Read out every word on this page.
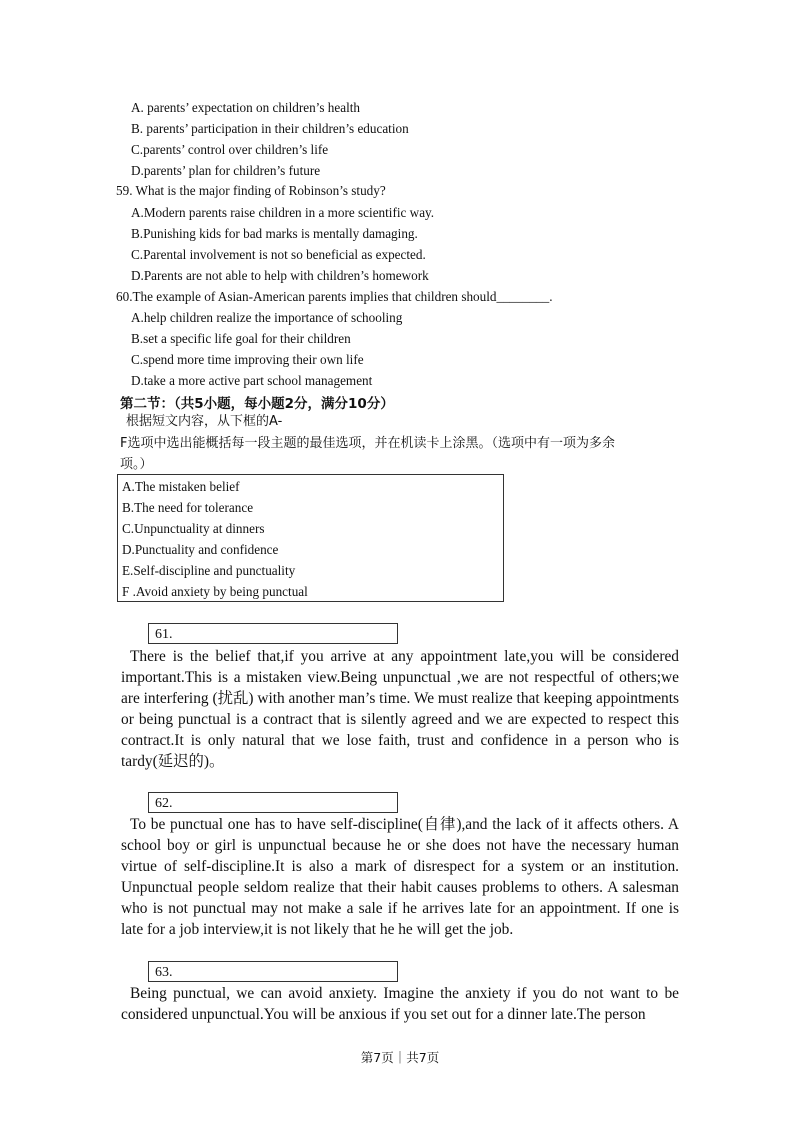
A. parents’ expectation on children’s health
B. parents’ participation in their children’s education
C.parents’ control over children’s life
D.parents’ plan for children’s future
59. What is the major finding of Robinson’s study?
A.Modern parents raise children in a more scientific way.
B.Punishing kids for bad marks is mentally damaging.
C.Parental involvement is not so beneficial as expected.
D.Parents are not able to help with children’s homework
60.The example of Asian-American parents implies that children should________.
A.help children realize the importance of schooling
B.set a specific life goal for their children
C.spend more time improving their own life
D.take a more active part school management
第二节：（共5小题，每小题2分，满分10分）
根据短文内容，从下框的A-
F选项中选出能概括每一段主题的最佳选项，并在机读卡上涂黑。（选项中有一项为多余
项。）
A.The mistaken belief
B.The need for tolerance
C.Unpunctuality at dinners
D.Punctuality and confidence
E.Self-discipline and punctuality
F .Avoid anxiety by being punctual
61.
There is the belief that,if you arrive at any appointment late,you will be considered important.This is a mistaken view.Being unpunctual ,we are not respectful of others;we are interfering (扰乱) with another man’s time. We must realize that keeping appointments or being punctual is a contract that is silently agreed and we are expected to respect this contract.It is only natural that we lose faith, trust and confidence in a person who is tardy(延迟的)。
62.
To be punctual one has to have self-discipline(自律),and the lack of it affects others. A school boy or girl is unpunctual because he or she does not have the necessary human virtue of self-discipline.It is also a mark of disrespect for a system or an institution. Unpunctual people seldom realize that their habit causes problems to others. A salesman who is not punctual may not make a sale if he arrives late for an appointment. If one is late for a job interview,it is not likely that he he will get the job.
63.
Being punctual, we can avoid anxiety. Imagine the anxiety if you do not want to be considered unpunctual.You will be anxious if you set out for a dinner late.The person
第7页｜共7页
